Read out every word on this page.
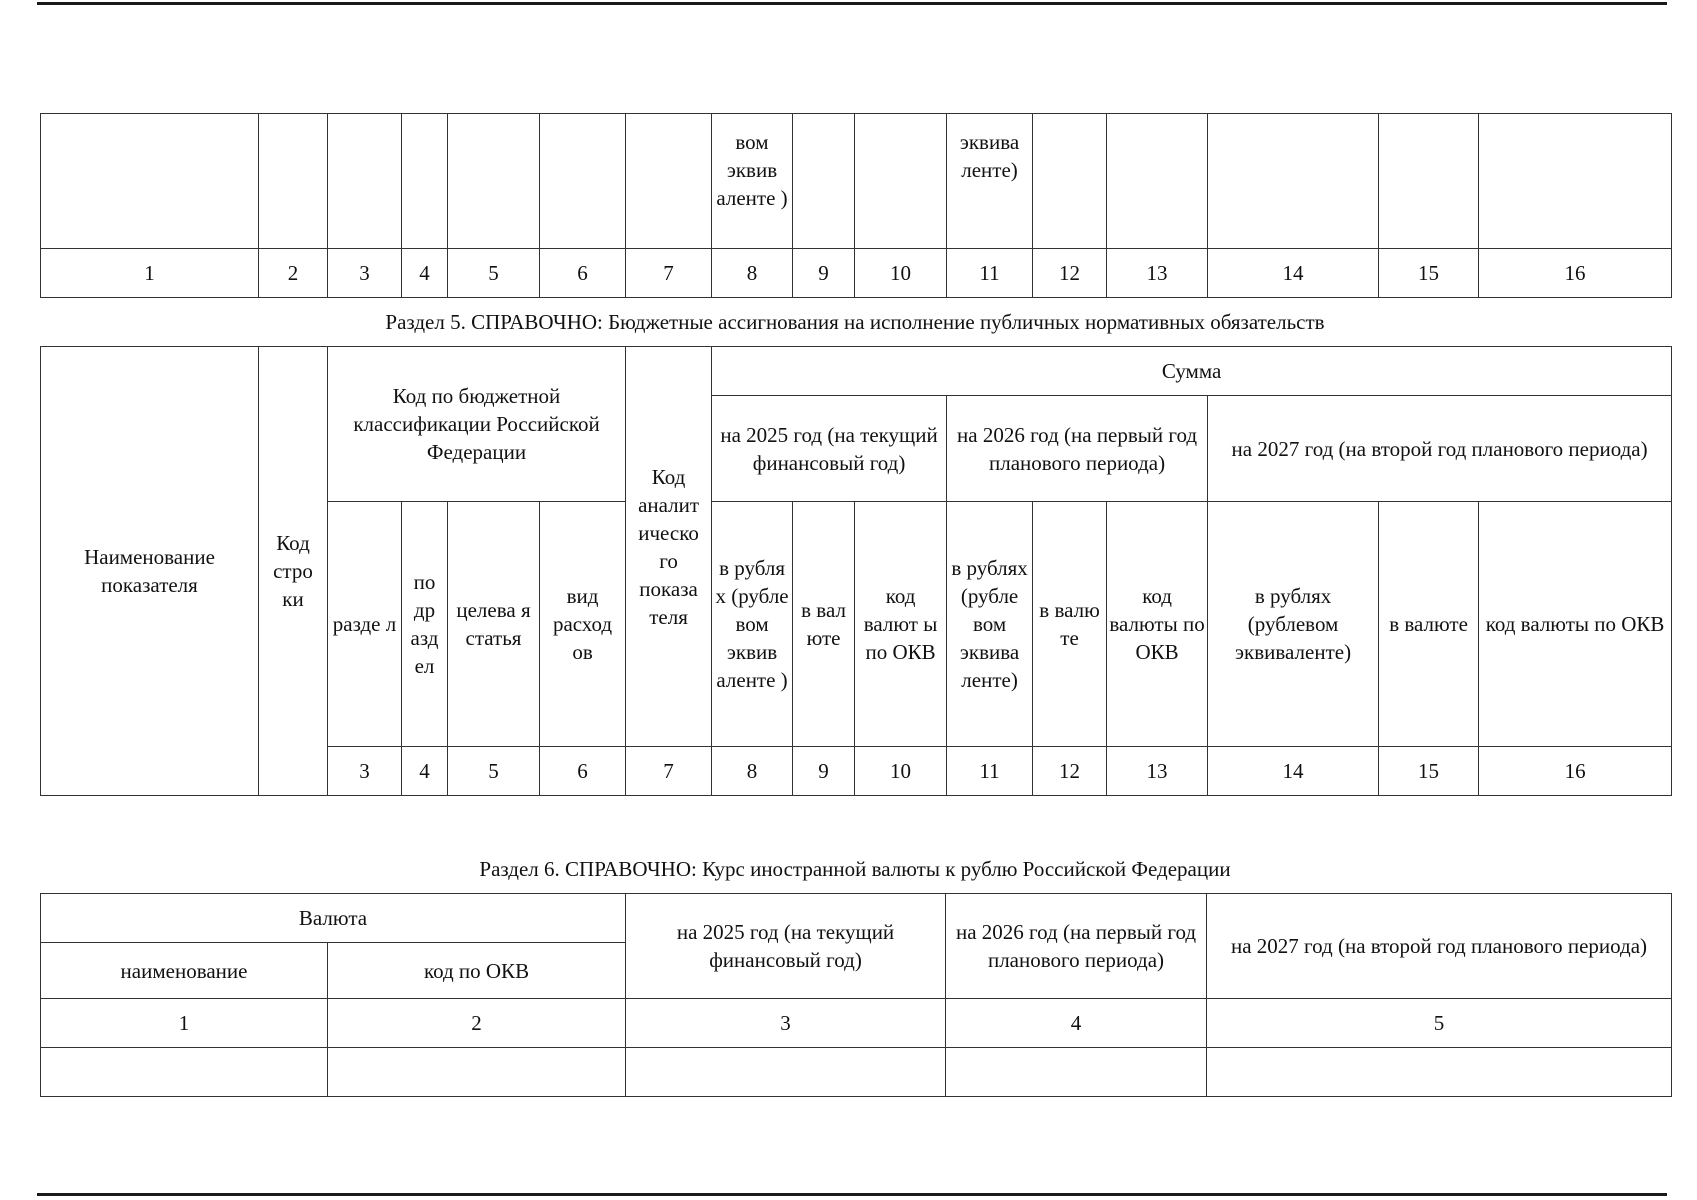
							вом эквив аленте )			эквива ленте)					
1	2	3	4	5	6	7	8	9	10	11	12	13	14	15	16
Раздел 5. СПРАВОЧНО: Бюджетные ассигнования на исполнение публичных нормативных обязательств
Наименование показателя	Код стро ки	Код по бюджетной классификации Российской Федерации				Код аналит ическо го показа теля	Сумма								
							на 2025 год (на текущий финансовый год)			на 2026 год (на первый год планового периода)			на 2027 год (на второй год планового периода)		
		разде л	по др азд ел	целева я статья	вид расход ов		в рубля х (рубле вом эквив аленте )	в вал юте	код валют ы по ОКВ	в рублях (рубле вом эквива ленте)	в валю те	код валюты по ОКВ	в рублях (рублевом эквиваленте)	в валюте	код валюты по ОКВ
		3	4	5	6	7	8	9	10	11	12	13	14	15	16
Раздел 6. СПРАВОЧНО: Курс иностранной валюты к рублю Российской Федерации
Валюта		на 2025 год (на текущий финансовый год)	на 2026 год (на первый год планового периода)	на 2027 год (на второй год планового периода)
наименование	код по ОКВ			
1	2	3	4	5
